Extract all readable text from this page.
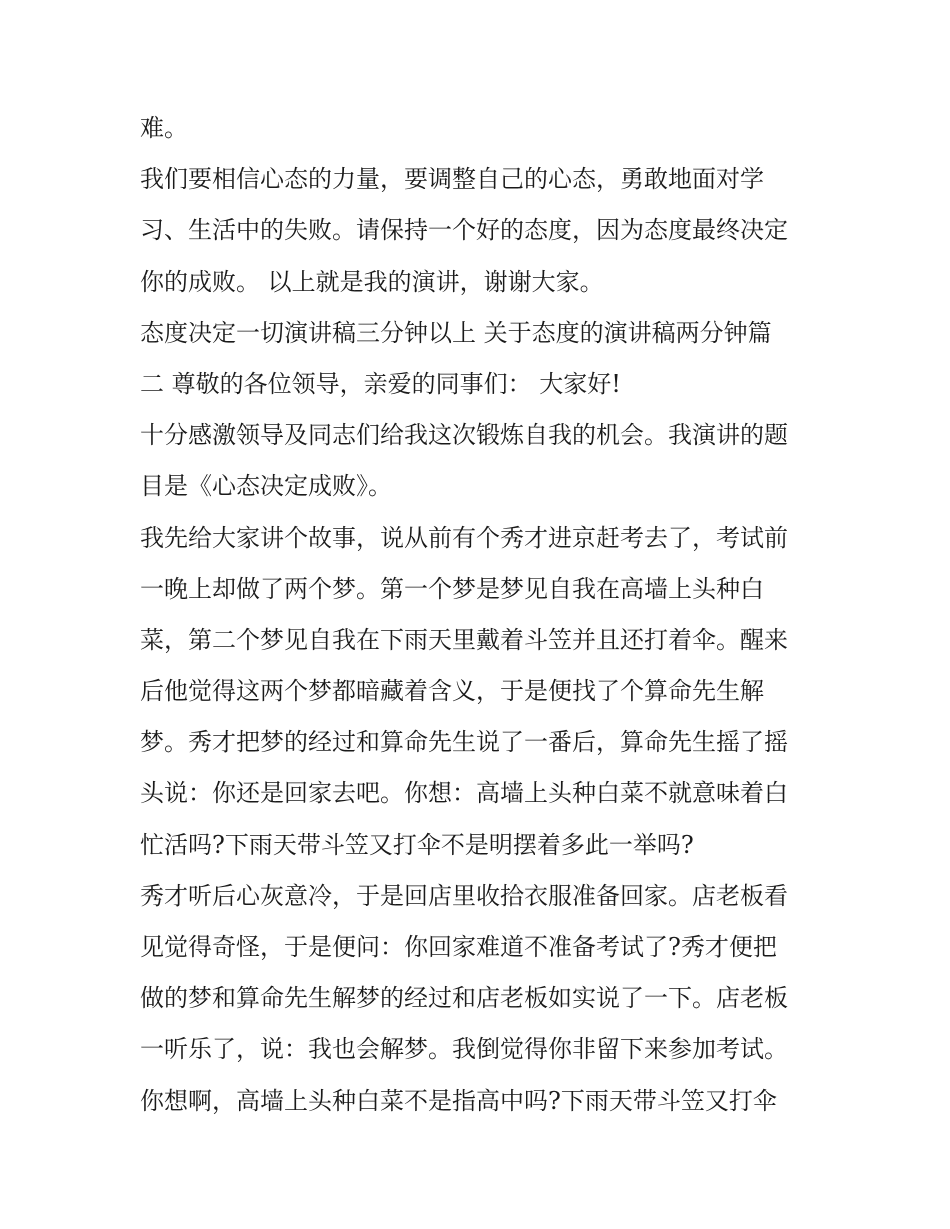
难。
我们要相信心态的力量，要调整自己的心态，勇敢地面对学
习、生活中的失败。请保持一个好的态度，因为态度最终决定
你的成败。 以上就是我的演讲，谢谢大家。
态度决定一切演讲稿三分钟以上 关于态度的演讲稿两分钟篇
二 尊敬的各位领导，亲爱的同事们： 大家好!
十分感激领导及同志们给我这次锻炼自我的机会。我演讲的题
目是《心态决定成败》。
我先给大家讲个故事，说从前有个秀才进京赶考去了，考试前
一晚上却做了两个梦。第一个梦是梦见自我在高墙上头种白
菜，第二个梦见自我在下雨天里戴着斗笠并且还打着伞。醒来
后他觉得这两个梦都暗藏着含义，于是便找了个算命先生解
梦。秀才把梦的经过和算命先生说了一番后，算命先生摇了摇
头说：你还是回家去吧。你想：高墙上头种白菜不就意味着白
忙活吗?下雨天带斗笠又打伞不是明摆着多此一举吗?
秀才听后心灰意冷，于是回店里收拾衣服准备回家。店老板看
见觉得奇怪，于是便问：你回家难道不准备考试了?秀才便把
做的梦和算命先生解梦的经过和店老板如实说了一下。店老板
一听乐了，说：我也会解梦。我倒觉得你非留下来参加考试。
你想啊，高墙上头种白菜不是指高中吗?下雨天带斗笠又打伞
